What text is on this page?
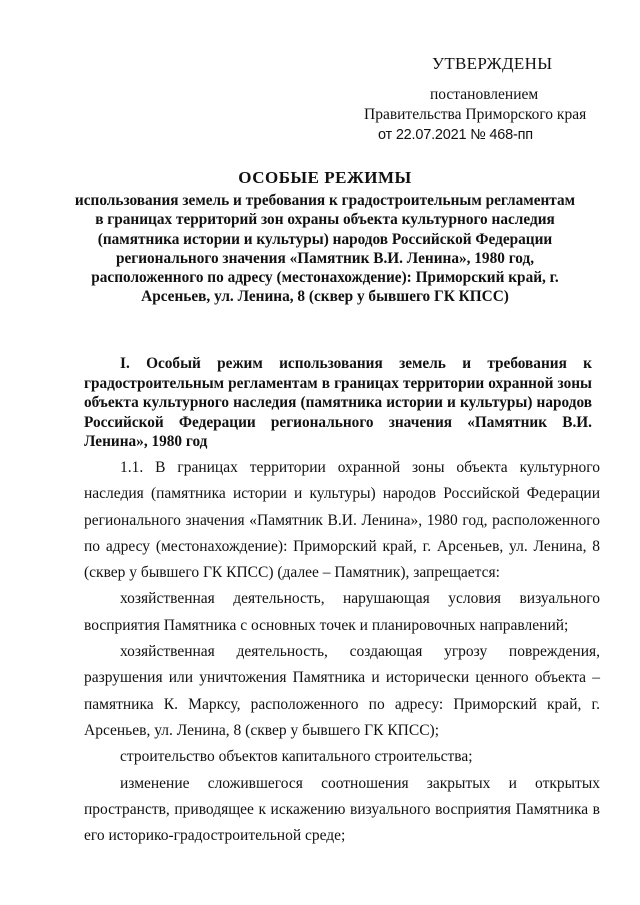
УТВЕРЖДЕНЫ
постановлением
Правительства Приморского края
от 22.07.2021 № 468-пп
ОСОБЫЕ РЕЖИМЫ
использования земель и требования к градостроительным регламентам в границах территорий зон охраны объекта культурного наследия (памятника истории и культуры) народов Российской Федерации регионального значения «Памятник В.И. Ленина», 1980 год, расположенного по адресу (местонахождение): Приморский край, г. Арсеньев, ул. Ленина, 8 (сквер у бывшего ГК КПСС)
I. Особый режим использования земель и требования к градостроительным регламентам в границах территории охранной зоны объекта культурного наследия (памятника истории и культуры) народов Российской Федерации регионального значения «Памятник В.И. Ленина», 1980 год

1.1. В границах территории охранной зоны объекта культурного наследия (памятника истории и культуры) народов Российской Федерации регионального значения «Памятник В.И. Ленина», 1980 год, расположенного по адресу (местонахождение): Приморский край, г. Арсеньев, ул. Ленина, 8 (сквер у бывшего ГК КПСС) (далее – Памятник), запрещается:

хозяйственная деятельность, нарушающая условия визуального восприятия Памятника с основных точек и планировочных направлений;

хозяйственная деятельность, создающая угрозу повреждения, разрушения или уничтожения Памятника и исторически ценного объекта – памятника К. Марксу, расположенного по адресу: Приморский край, г. Арсеньев, ул. Ленина, 8 (сквер у бывшего ГК КПСС);

строительство объектов капитального строительства;

изменение сложившегося соотношения закрытых и открытых пространств, приводящее к искажению визуального восприятия Памятника в его историко-градостроительной среде;
